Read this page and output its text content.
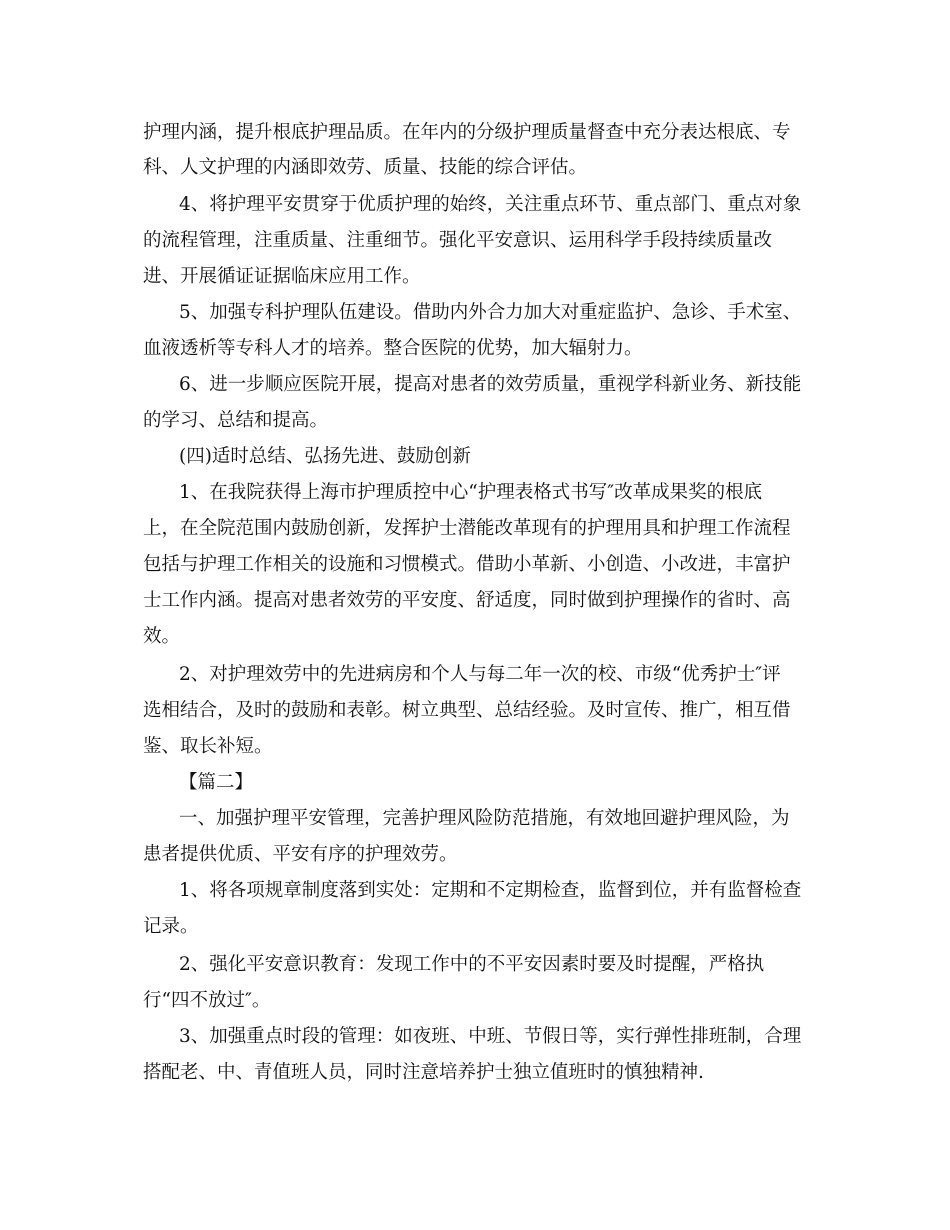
护理内涵，提升根底护理品质。在年内的分级护理质量督查中充分表达根底、专
科、人文护理的内涵即效劳、质量、技能的综合评估。
4、将护理平安贯穿于优质护理的始终，关注重点环节、重点部门、重点对象
的流程管理，注重质量、注重细节。强化平安意识、运用科学手段持续质量改
进、开展循证证据临床应用工作。
5、加强专科护理队伍建设。借助内外合力加大对重症监护、急诊、手术室、
血液透析等专科人才的培养。整合医院的优势，加大辐射力。
6、进一步顺应医院开展，提高对患者的效劳质量，重视学科新业务、新技能
的学习、总结和提高。
(四)适时总结、弘扬先进、鼓励创新
1、在我院获得上海市护理质控中心“护理表格式书写″改革成果奖的根底
上，在全院范围内鼓励创新，发挥护士潜能改革现有的护理用具和护理工作流程
包括与护理工作相关的设施和习惯模式。借助小革新、小创造、小改进，丰富护
士工作内涵。提高对患者效劳的平安度、舒适度，同时做到护理操作的省时、高
效。
2、对护理效劳中的先进病房和个人与每二年一次的校、市级“优秀护士″评
选相结合，及时的鼓励和表彰。树立典型、总结经验。及时宣传、推广，相互借
鉴、取长补短。
【篇二】
一、加强护理平安管理，完善护理风险防范措施，有效地回避护理风险，为
患者提供优质、平安有序的护理效劳。
1、将各项规章制度落到实处：定期和不定期检查，监督到位，并有监督检查
记录。
2、强化平安意识教育：发现工作中的不平安因素时要及时提醒，严格执
行“四不放过″。
3、加强重点时段的管理：如夜班、中班、节假日等，实行弹性排班制，合理
搭配老、中、青值班人员，同时注意培养护士独立值班时的慎独精神.
